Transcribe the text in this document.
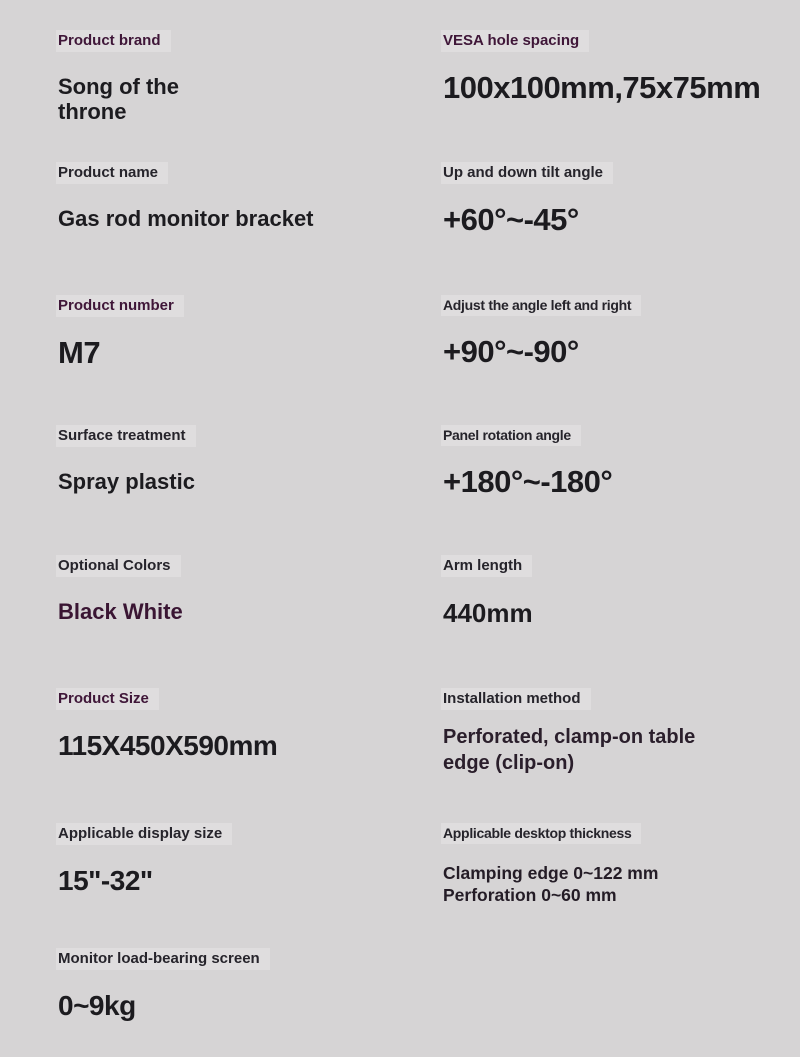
Product brand
Song of the throne
VESA hole spacing
100x100mm,75x75mm
Product name
Gas rod monitor bracket
Up and down tilt angle
+60°~-45°
Product number
M7
Adjust the angle left and right
+90°~-90°
Surface treatment
Spray plastic
Panel rotation angle
+180°~-180°
Optional Colors
Black White
Arm length
440mm
Product Size
115X450X590mm
Installation method
Perforated, clamp-on table edge (clip-on)
Applicable display size
15"-32"
Applicable desktop thickness
Clamping edge 0~122 mm Perforation 0~60 mm
Monitor load-bearing screen
0~9kg
